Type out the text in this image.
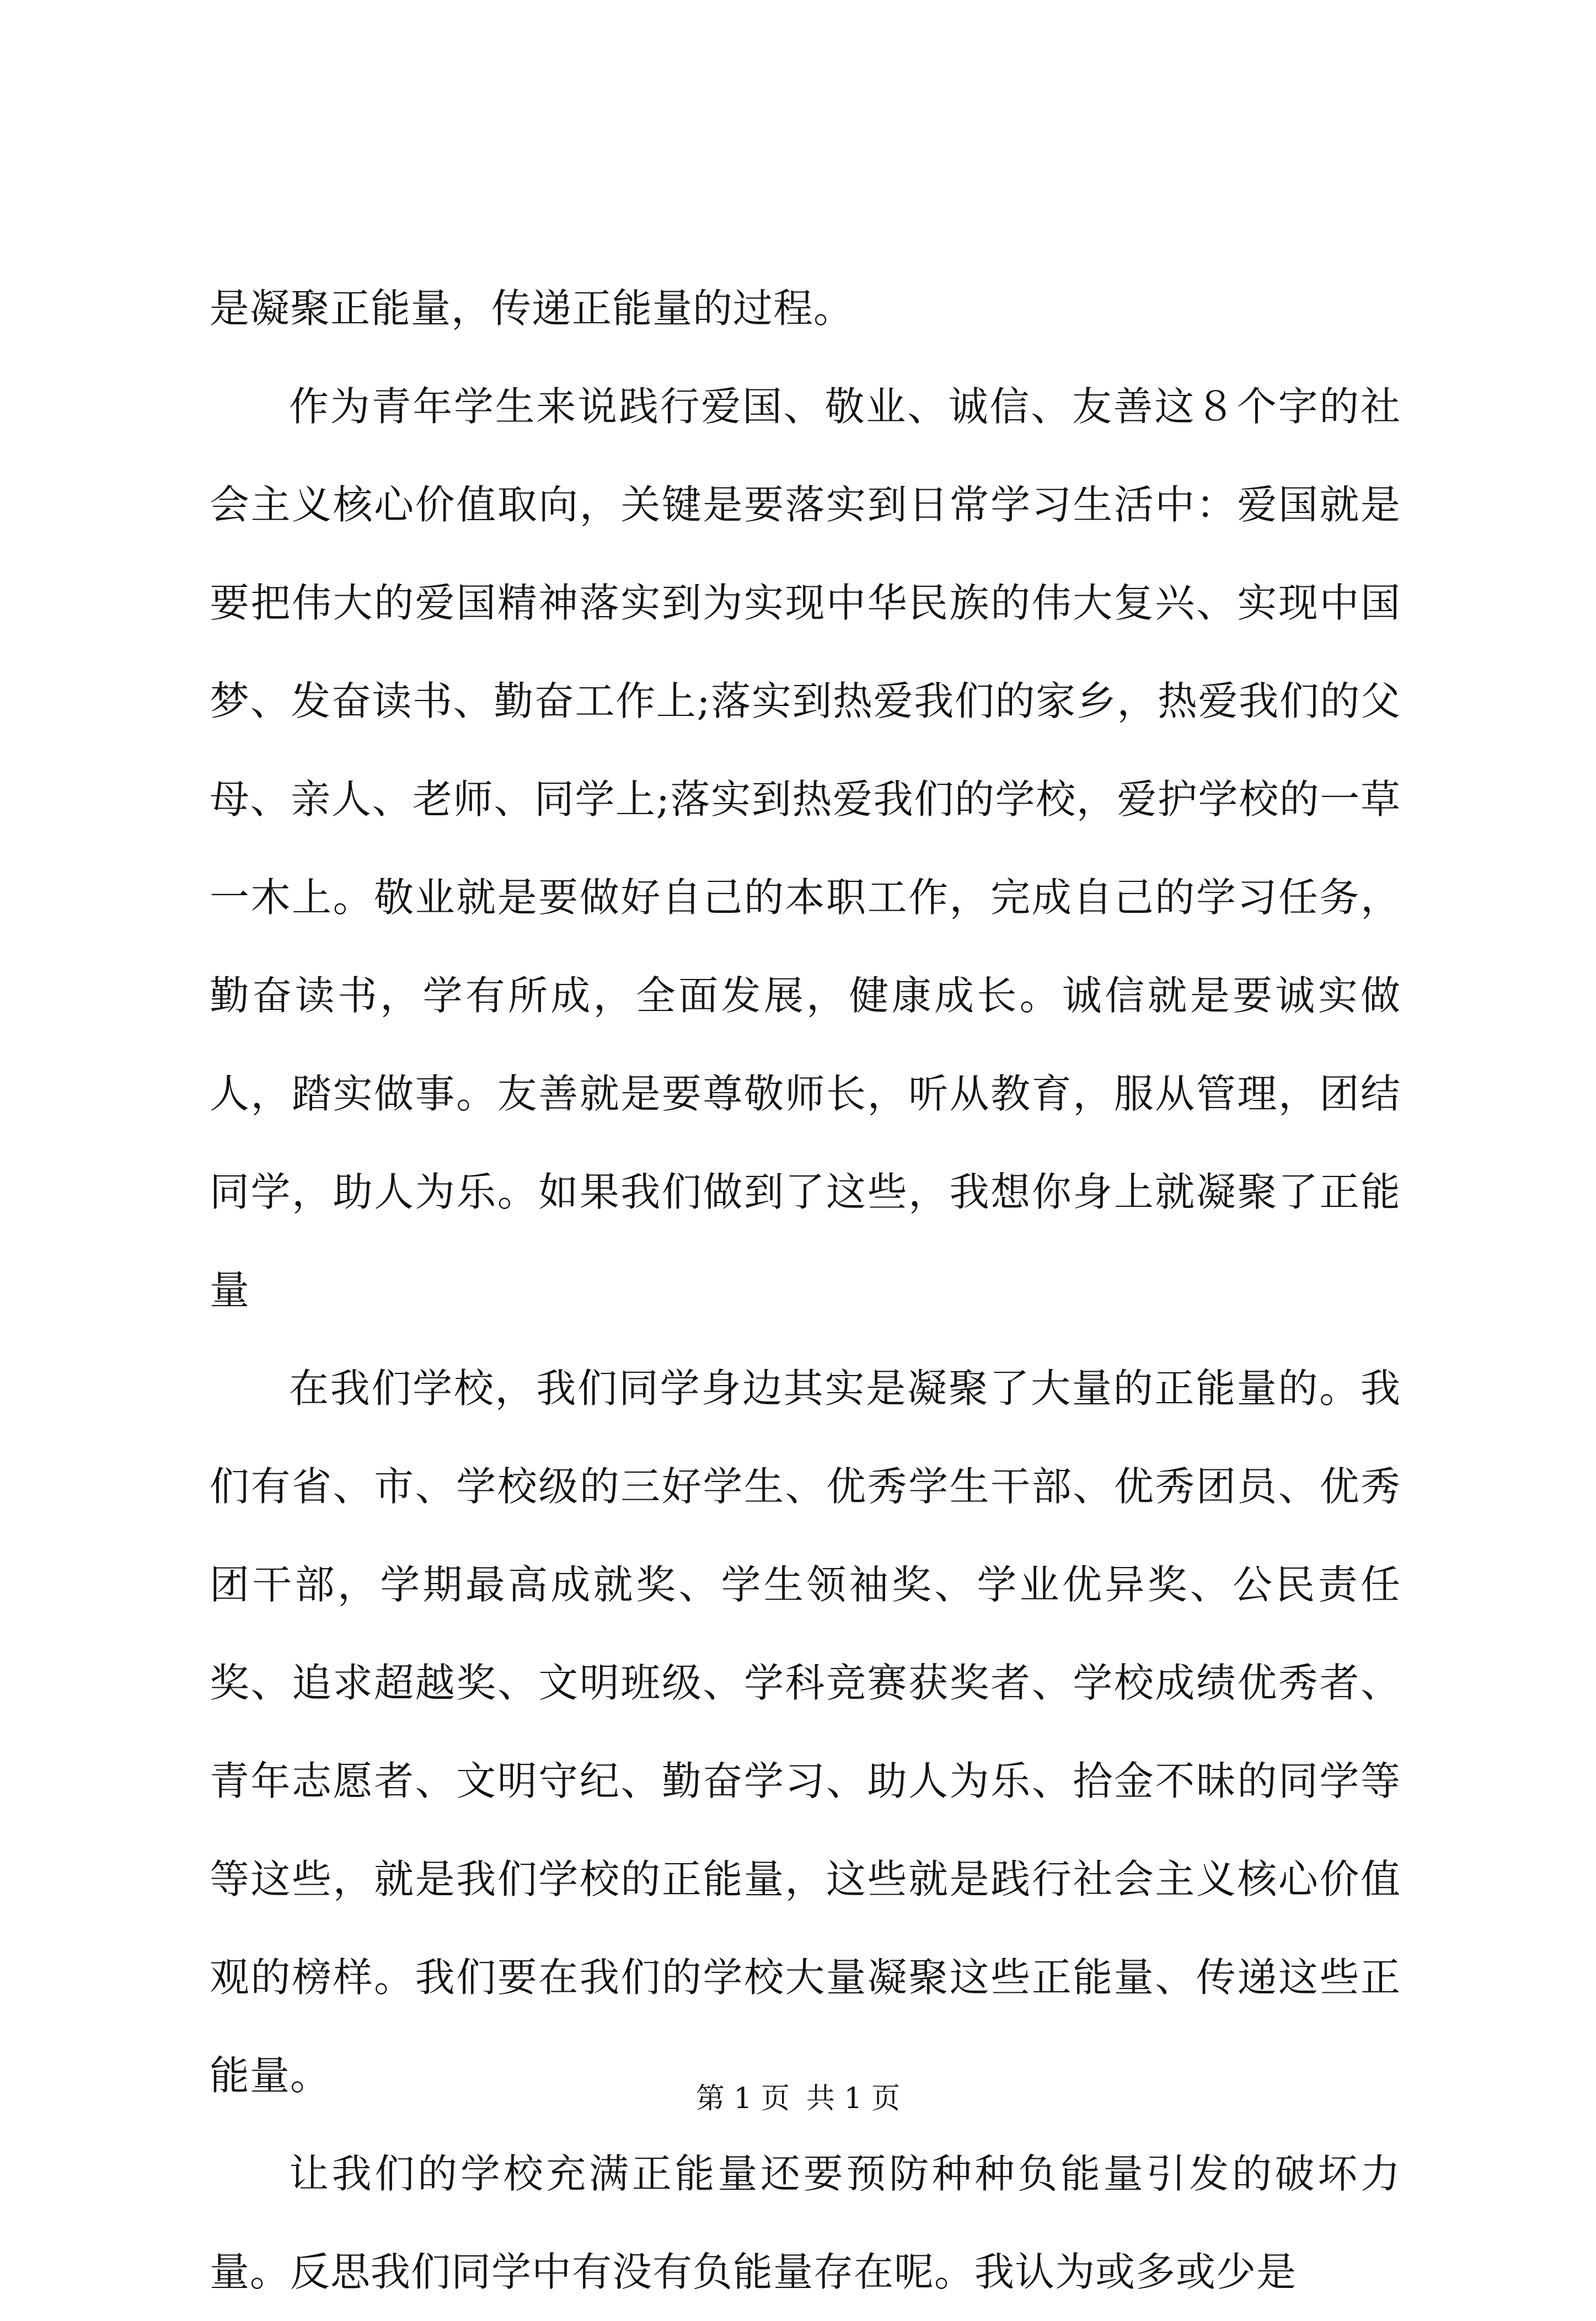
是凝聚正能量，传递正能量的过程。

作为青年学生来说践行爱国、敬业、诚信、友善这８个字的社会主义核心价值取向，关键是要落实到日常学习生活中：爱国就是要把伟大的爱国精神落实到为实现中华民族的伟大复兴、实现中国梦、发奋读书、勤奋工作上;落实到热爱我们的家乡，热爱我们的父母、亲人、老师、同学上;落实到热爱我们的学校，爱护学校的一草一木上。敬业就是要做好自己的本职工作，完成自己的学习任务，勤奋读书，学有所成，全面发展，健康成长。诚信就是要诚实做人，踏实做事。友善就是要尊敬师长，听从教育，服从管理，团结同学，助人为乐。如果我们做到了这些，我想你身上就凝聚了正能量

在我们学校，我们同学身边其实是凝聚了大量的正能量的。我们有省、市、学校级的三好学生、优秀学生干部、优秀团员、优秀团干部，学期最高成就奖、学生领袖奖、学业优异奖、公民责任奖、追求超越奖、文明班级、学科竞赛获奖者、学校成绩优秀者、青年志愿者、文明守纪、勤奋学习、助人为乐、拾金不昧的同学等等这些，就是我们学校的正能量，这些就是践行社会主义核心价值观的榜样。我们要在我们的学校大量凝聚这些正能量、传递这些正能量。

让我们的学校充满正能量还要预防种种负能量引发的破坏力量。反思我们同学中有没有负能量存在呢。我认为或多或少是

第 1 页 共 1 页
